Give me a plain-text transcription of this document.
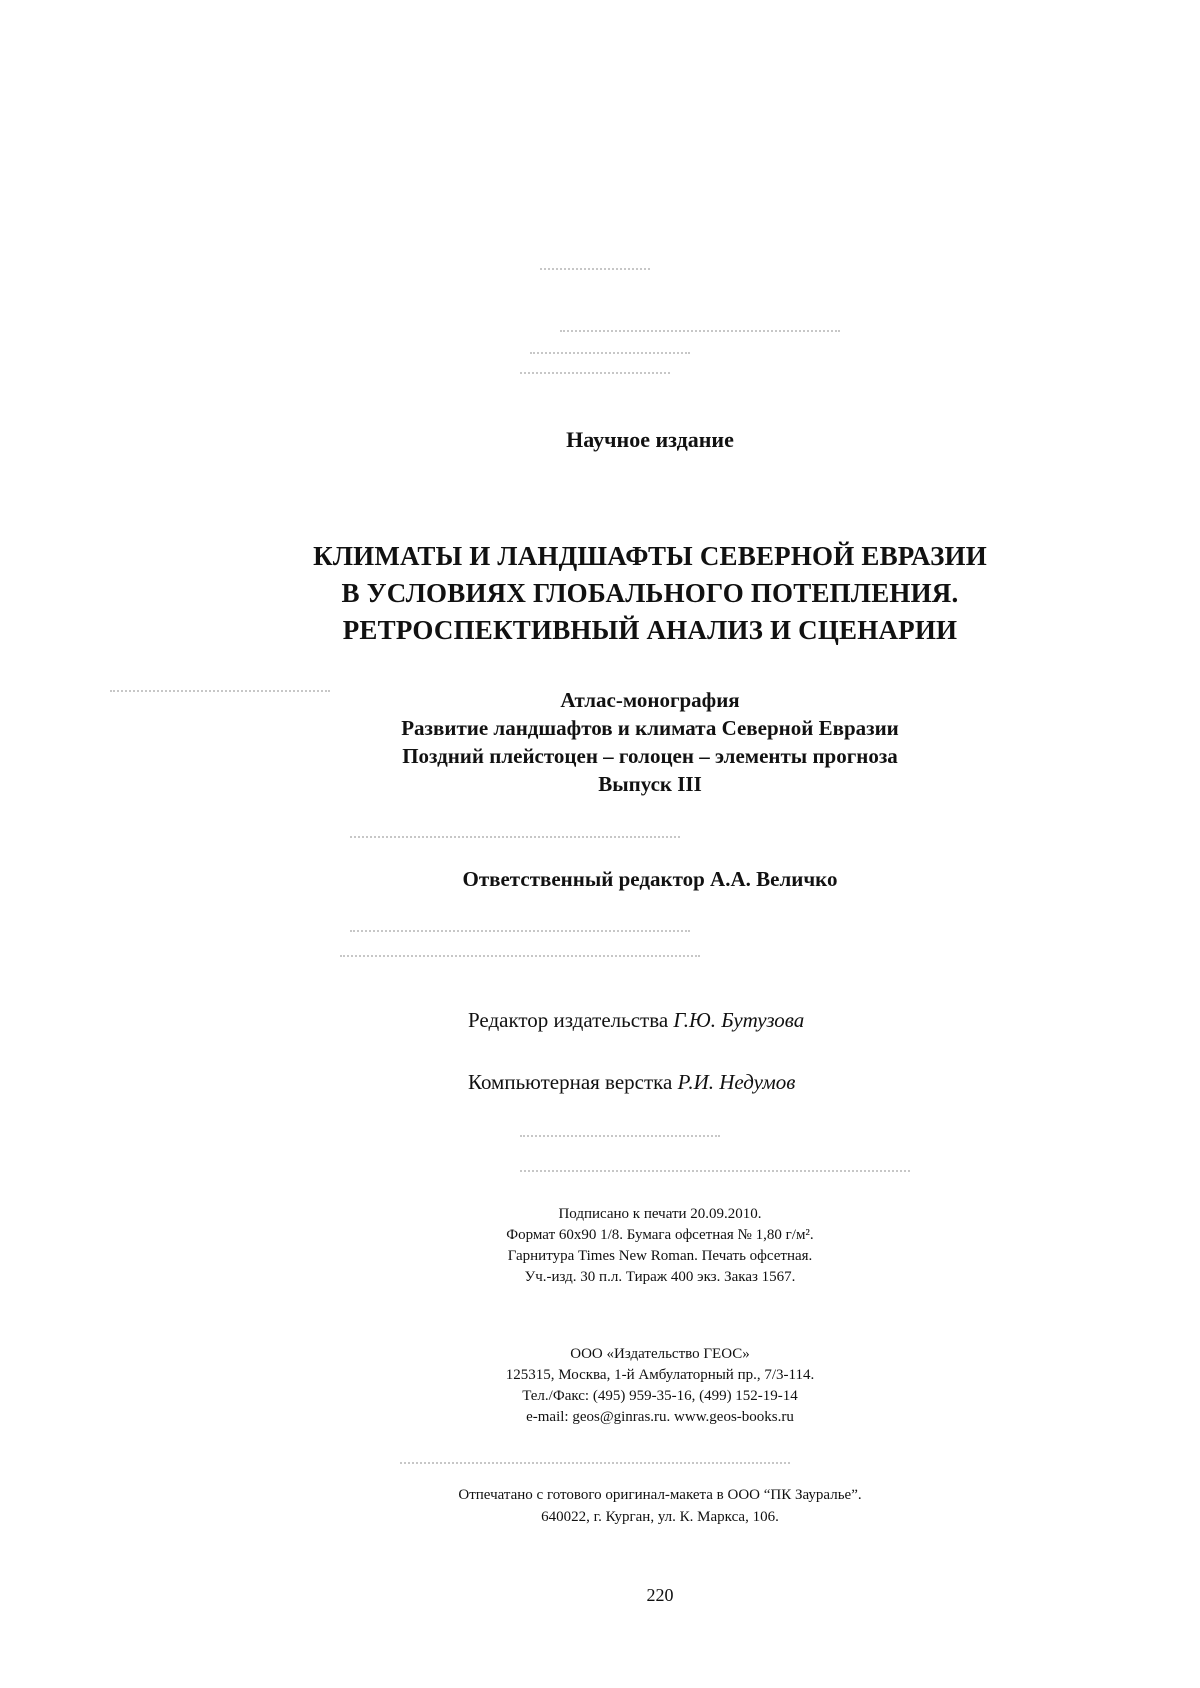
Научное издание
КЛИМАТЫ И ЛАНДШАФТЫ СЕВЕРНОЙ ЕВРАЗИИ
В УСЛОВИЯХ ГЛОБАЛЬНОГО ПОТЕПЛЕНИЯ.
РЕТРОСПЕКТИВНЫЙ АНАЛИЗ И СЦЕНАРИИ
Атлас-монография
Развитие ландшафтов и климата Северной Евразии
Поздний плейстоцен – голоцен – элементы прогноза
Выпуск III
Ответственный редактор А.А. Величко
Редактор издательства Г.Ю. Бутузова
Компьютерная верстка Р.И. Недумов
Подписано к печати 20.09.2010.
Формат 60х90 1/8. Бумага офсетная № 1,80 г/м².
Гарнитура Times New Roman. Печать офсетная.
Уч.-изд. 30 п.л. Тираж 400 экз. Заказ 1567.
ООО «Издательство ГЕОС»
125315, Москва, 1-й Амбулаторный пр., 7/3-114.
Тел./Факс: (495) 959-35-16, (499) 152-19-14
e-mail: geos@ginras.ru. www.geos-books.ru
Отпечатано с готового оригинал-макета в ООО “ПК Зауралье”.
640022, г. Курган, ул. К. Маркса, 106.
220
